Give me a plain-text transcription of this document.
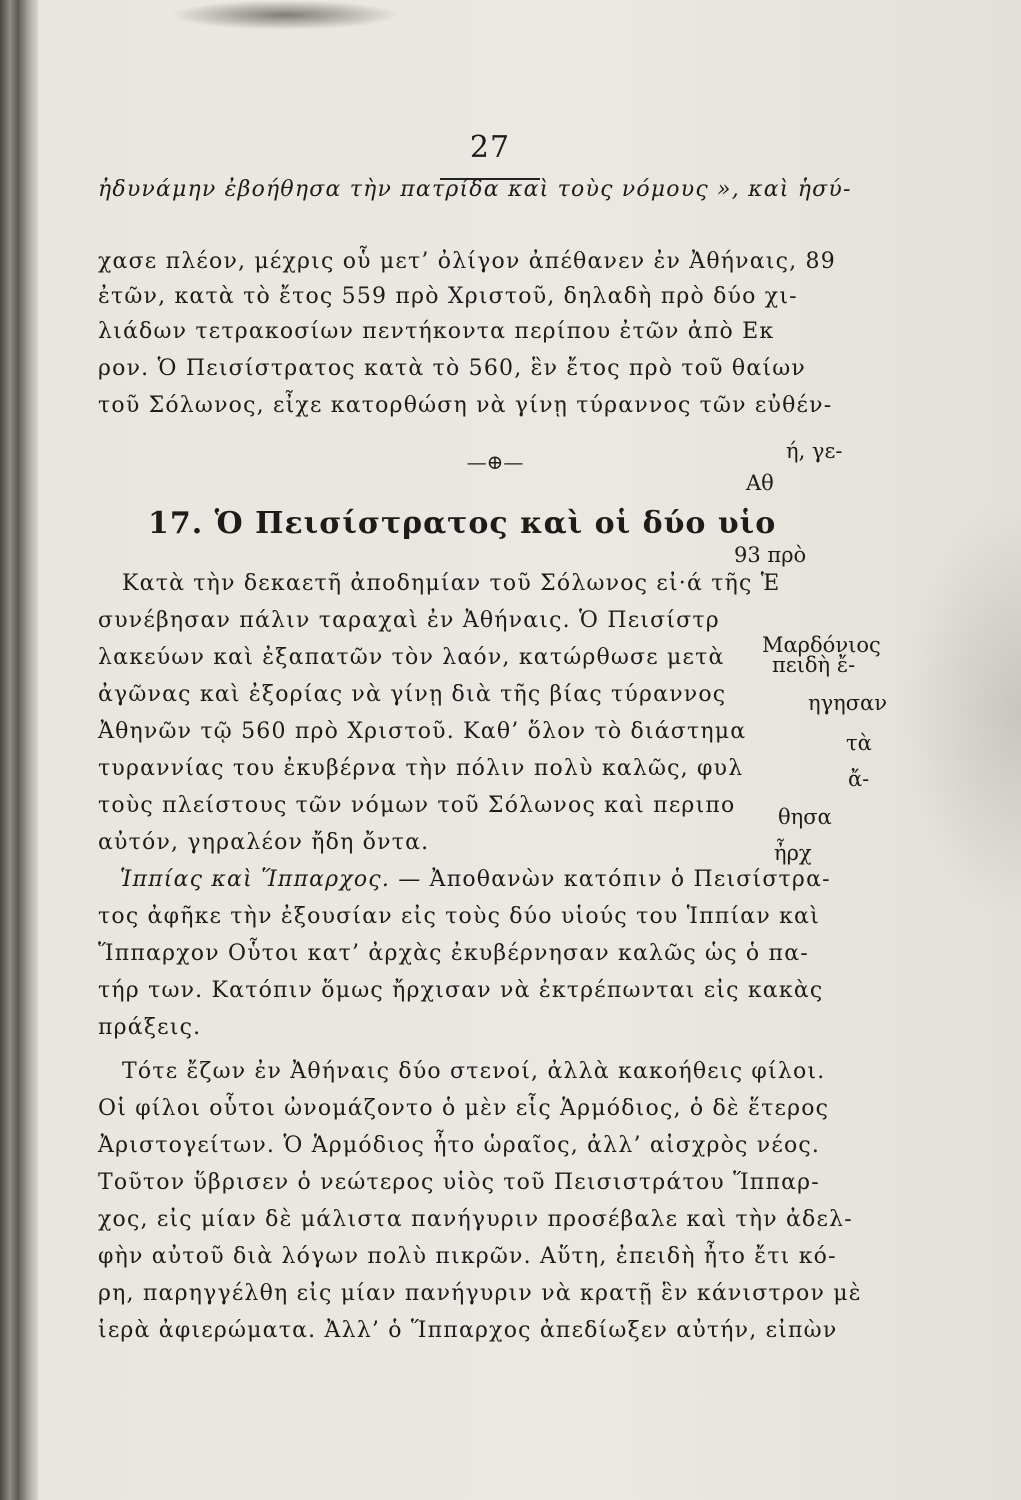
27
ἠδυνάμην ἐβοήθησα τὴν πατρίδα καὶ τοὺς νόμους », καὶ ἡσύ-
χασε πλέον, μέχρις οὗ μετ’ ὀλίγον ἀπέθανεν ἐν Ἀθήναις, 89
ἐτῶν, κατὰ τὸ ἔτος 559 πρὸ Χριστοῦ, δηλαδὴ πρὸ δύο χι-
λιάδων τετρακοσίων πεντήκοντα περίπου ἐτῶν ἀπὸ Εκ
ρον. Ὁ Πεισίστρατος κατὰ τὸ 560, ἓν ἔτος πρὸ τοῦ θαίων
τοῦ Σόλωνος, εἶχε κατορθώση νὰ γίνῃ τύραννος τῶν εὐθέν-
ή, γε-
—⊕—
Αθ
17. Ὁ Πεισίστρατος καὶ οἱ δύο υἱο
93 πρὸ
Κατὰ τὴν δεκαετῆ ἀποδημίαν τοῦ Σόλωνος εἰ·ά τῆς Ἑ
συνέβησαν πάλιν ταραχαὶ ἐν Ἀθήναις. Ὁ Πεισίστρ
Μαρδόνιος
λακεύων καὶ ἐξαπατῶν τὸν λαόν, κατώρθωσε μετὰ πειδὴ ἔ-
ἀγῶνας καὶ ἐξορίας νὰ γίνῃ διὰ τῆς βίας τύραννος	ηγησαν
Ἀθηνῶν τῷ 560 πρὸ Χριστοῦ. Καθ’ ὅλον τὸ διάστημα	τὰ
τυραννίας του ἐκυβέρνα τὴν πόλιν πολὺ καλῶς, φυλ	ἄ-
τοὺς πλείστους τῶν νόμων τοῦ Σόλωνος καὶ περιπο θησα
αὐτόν, γηραλέον ἤδη ὄντα.	ἦρχ
Ἱππίας καὶ Ἵππαρχος. — Ἀποθανὼν κατόπιν ὁ Πεισίστρα-
τος ἀφῆκε τὴν ἐξουσίαν εἰς τοὺς δύο υἱούς του Ἱππίαν καὶ
Ἵππαρχον Οὗτοι κατ’ ἀρχὰς ἐκυβέρνησαν καλῶς ὡς ὁ πα-
τήρ των. Κατόπιν ὅμως ἤρχισαν νὰ ἐκτρέπωνται εἰς κακὰς
πράξεις.
Τότε ἔζων ἐν Ἀθήναις δύο στενοί, ἀλλὰ κακοήθεις φίλοι.
Οἱ φίλοι οὗτοι ὠνομάζοντο ὁ μὲν εἷς Ἁρμόδιος, ὁ δὲ ἕτερος
Ἀριστογείτων. Ὁ Ἁρμόδιος ἦτο ὡραῖος, ἀλλ’ αἰσχρὸς νέος.
Τοῦτον ὕβρισεν ὁ νεώτερος υἱὸς τοῦ Πεισιστράτου Ἵππαρ-
χος, εἰς μίαν δὲ μάλιστα πανήγυριν προσέβαλε καὶ τὴν ἀδελ-
φὴν αὐτοῦ διὰ λόγων πολὺ πικρῶν. Αὕτη, ἐπειδὴ ἦτο ἔτι κό-
ρη, παρηγγέλθη εἰς μίαν πανήγυριν νὰ κρατῇ ἓν κάνιστρον μὲ
ἱερὰ ἀφιερώματα. Ἀλλ’ ὁ Ἵππαρχος ἀπεδίωξεν αὐτήν, εἰπὼν
